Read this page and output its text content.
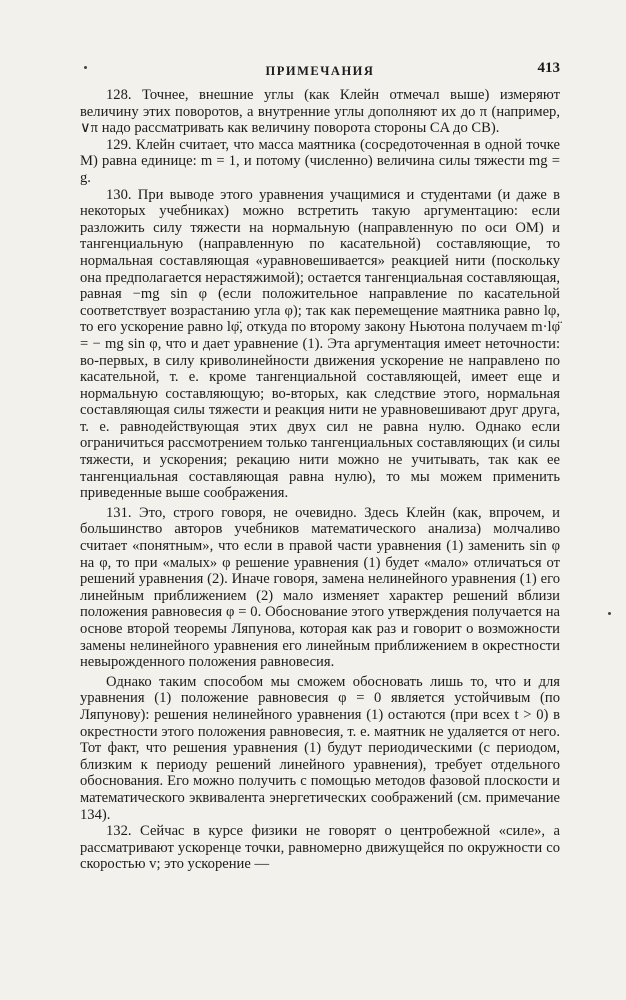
ПРИМЕЧАНИЯ	413

128. Точнее, внешние углы (как Клейн отмечал выше) измеряют величину этих поворотов, а внутренние углы дополняют их до π (например, ∨π надо рассматривать как величину поворота стороны CA до CB).

129. Клейн считает, что масса маятника (сосредоточенная в одной точке M) равна единице: m = 1, и потому (численно) величина силы тяжести mg = g.

130. При выводе этого уравнения учащимися и студентами (и даже в некоторых учебниках) можно встретить такую аргументацию: если разложить силу тяжести на нормальную (направленную по оси OM) и тангенциальную (направленную по касательной) составляющие, то нормальная составляющая «уравновешивается» реакцией нити (поскольку она предполагается нерастяжимой); остается тангенциальная составляющая, равная −mg sin φ (если положительное направление по касательной соответствует возрастанию угла φ); так как перемещение маятника равно lφ, то его ускорение равно lφ̈, откуда по второму закону Ньютона получаем m·lφ̈ = − mg sin φ, что и дает уравнение (1). Эта аргументация имеет неточности: во-первых, в силу криволинейности движения ускорение не направлено по касательной, т. е. кроме тангенциальной составляющей, имеет еще и нормальную составляющую; во-вторых, как следствие этого, нормальная составляющая силы тяжести и реакция нити не уравновешивают друг друга, т. е. равнодействующая этих двух сил не равна нулю. Однако если ограничиться рассмотрением только тангенциальных составляющих (и силы тяжести, и ускорения; рекацию нити можно не учитывать, так как ее тангенциальная составляющая равна нулю), то мы можем применить приведенные выше соображения.

131. Это, строго говоря, не очевидно. Здесь Клейн (как, впрочем, и большинство авторов учебников математического анализа) молчаливо считает «понятным», что если в правой части уравнения (1) заменить sin φ на φ, то при «малых» φ решение уравнения (1) будет «мало» отличаться от решений уравнения (2). Иначе говоря, замена нелинейного уравнения (1) его линейным приближением (2) мало изменяет характер решений вблизи положения равновесия φ = 0. Обоснование этого утверждения получается на основе второй теоремы Ляпунова, которая как раз и говорит о возможности замены нелинейного уравнения его линейным приближением в окрестности невырожденного положения равновесия.

Однако таким способом мы сможем обосновать лишь то, что и для уравнения (1) положение равновесия φ = 0 является устойчивым (по Ляпунову): решения нелинейного уравнения (1) остаются (при всех t > 0) в окрестности этого положения равновесия, т. е. маятник не удаляется от него. Тот факт, что решения уравнения (1) будут периодическими (с периодом, близким к периоду решений линейного уравнения), требует отдельного обоснования. Его можно получить с помощью методов фазовой плоскости и математического эквивалента энергетических соображений (см. примечание 134).

132. Сейчас в курсе физики не говорят о центробежной «силе», а рассматривают ускоренце точки, равномерно движущейся по окружности со скоростью v; это ускорение —
